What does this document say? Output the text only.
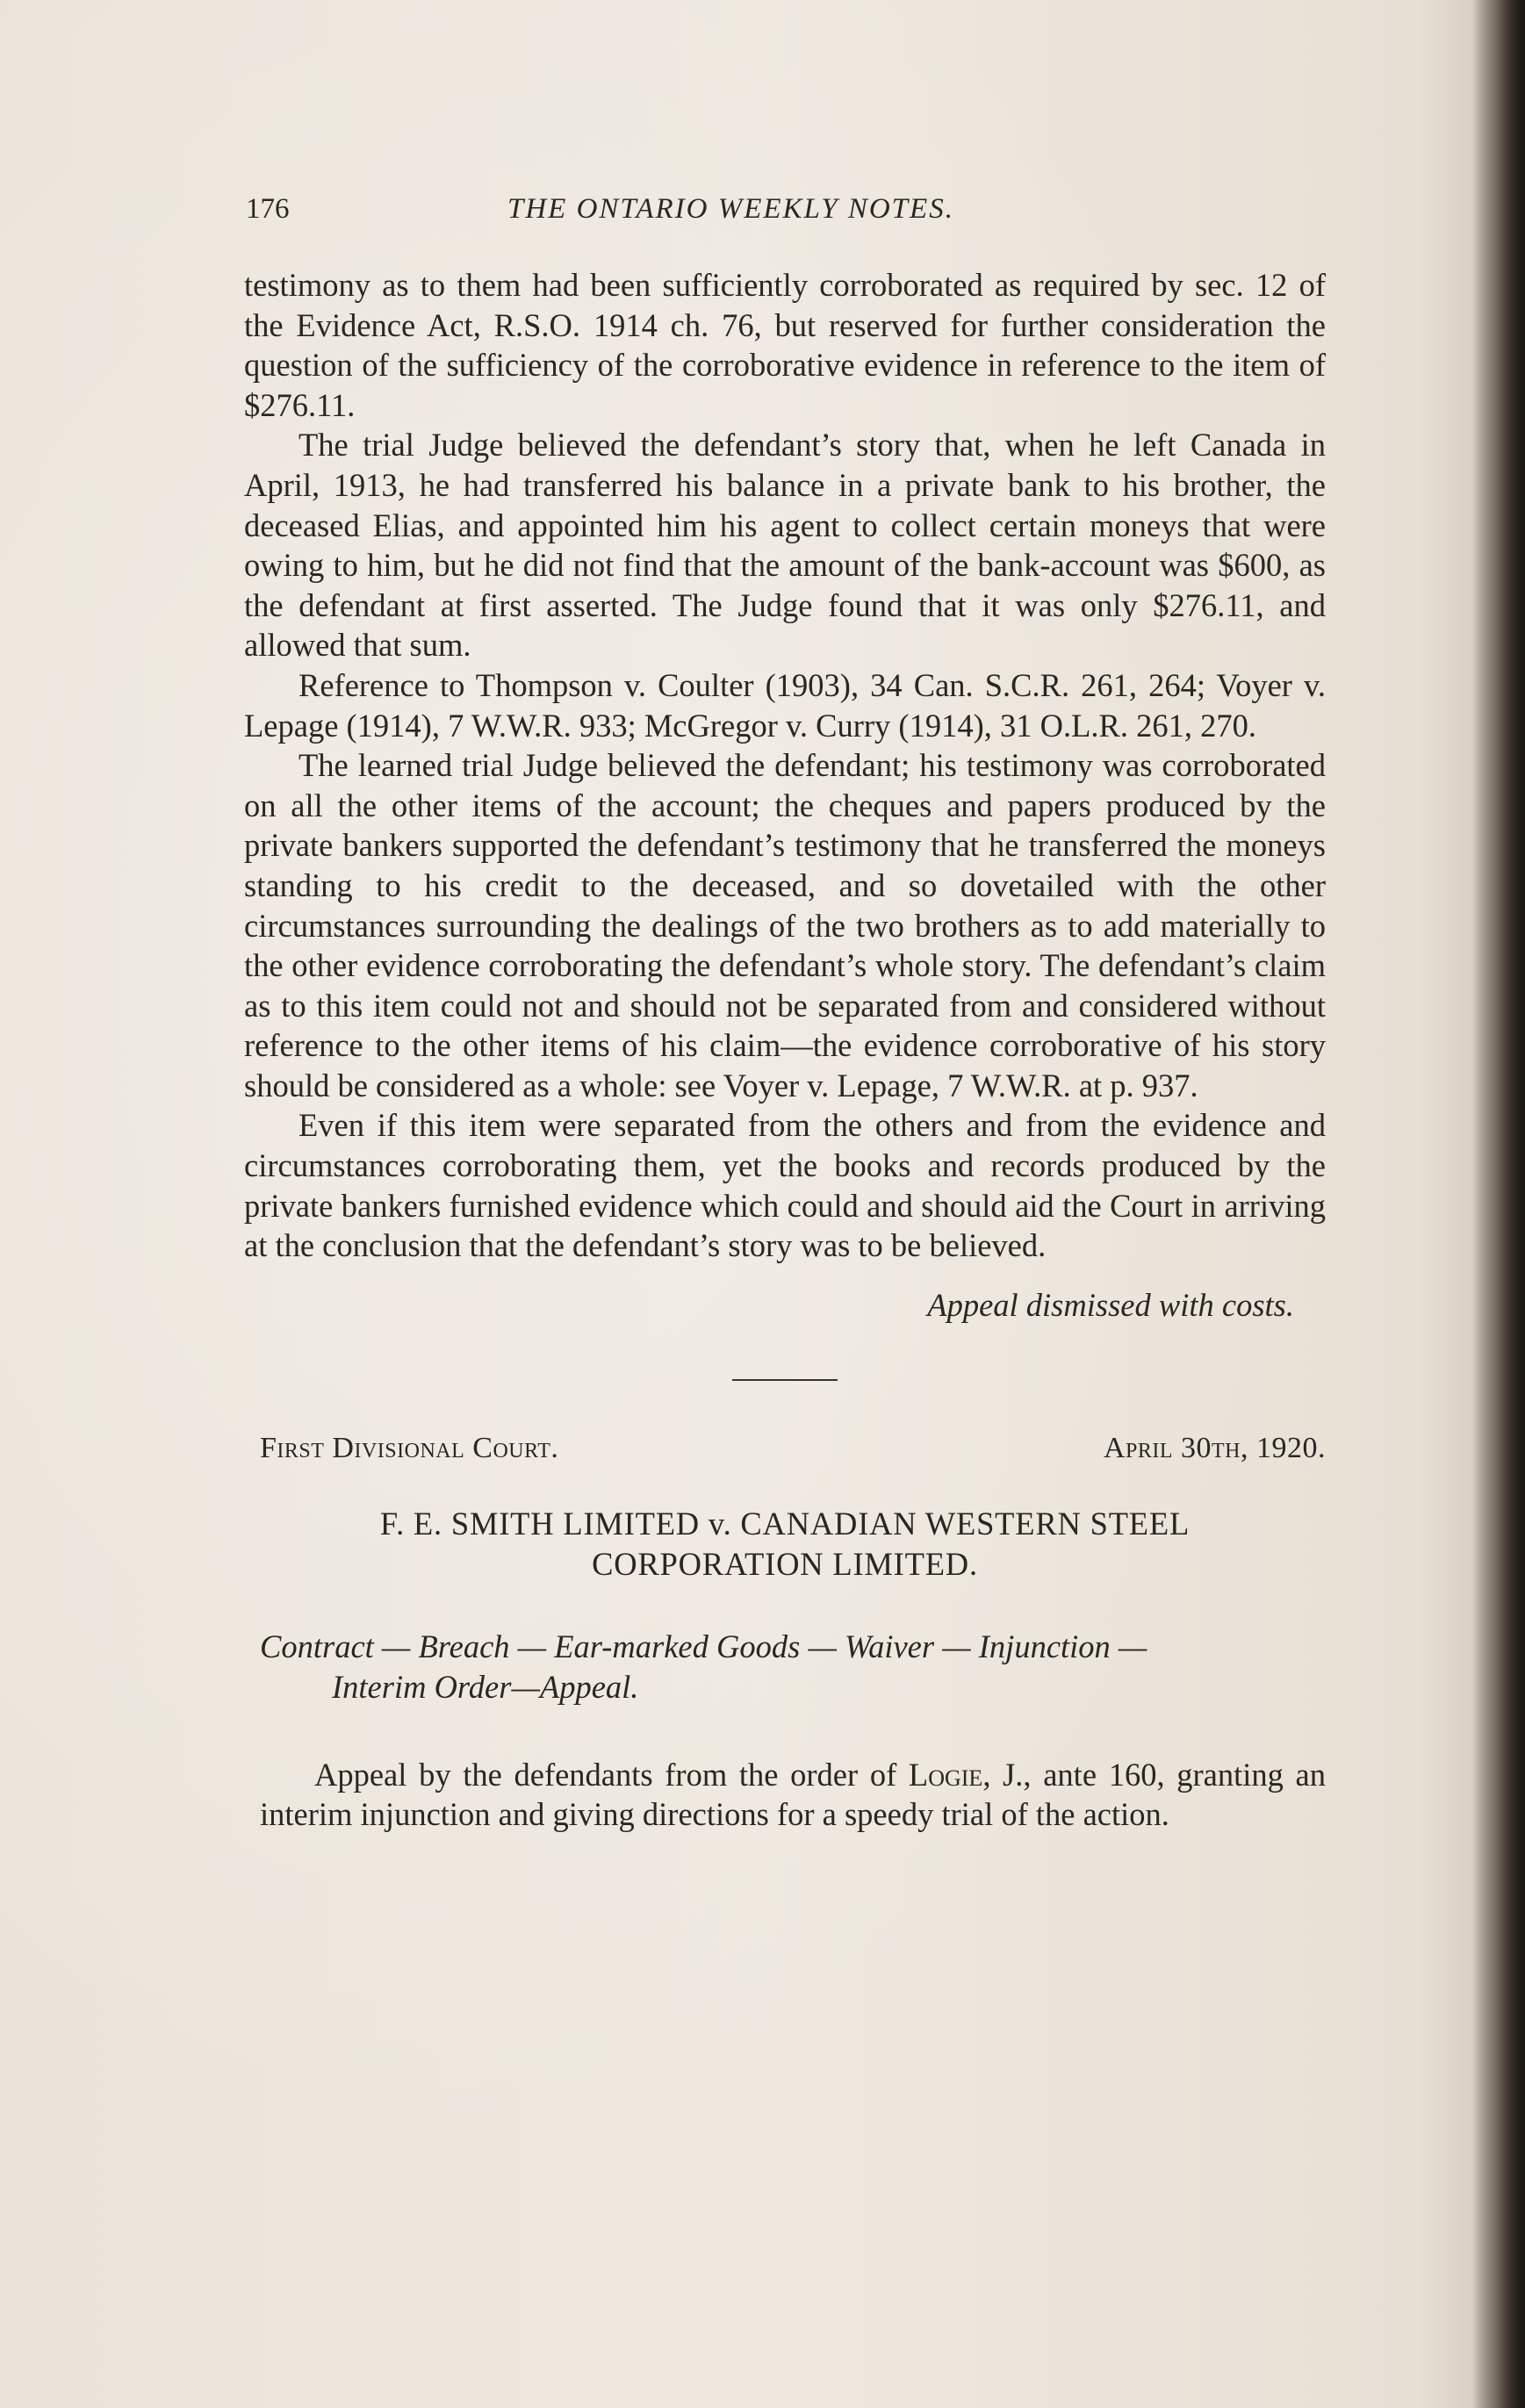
176	THE ONTARIO WEEKLY NOTES.

testimony as to them had been sufficiently corroborated as required by sec. 12 of the Evidence Act, R.S.O. 1914 ch. 76, but reserved for further consideration the question of the sufficiency of the corroborative evidence in reference to the item of $276.11.

The trial Judge believed the defendant’s story that, when he left Canada in April, 1913, he had transferred his balance in a private bank to his brother, the deceased Elias, and appointed him his agent to collect certain moneys that were owing to him, but he did not find that the amount of the bank-account was $600, as the defendant at first asserted. The Judge found that it was only $276.11, and allowed that sum.

Reference to Thompson v. Coulter (1903), 34 Can. S.C.R. 261, 264; Voyer v. Lepage (1914), 7 W.W.R. 933; McGregor v. Curry (1914), 31 O.L.R. 261, 270.

The learned trial Judge believed the defendant; his testimony was corroborated on all the other items of the account; the cheques and papers produced by the private bankers supported the defendant’s testimony that he transferred the moneys standing to his credit to the deceased, and so dovetailed with the other circumstances surrounding the dealings of the two brothers as to add materially to the other evidence corroborating the defendant’s whole story. The defendant’s claim as to this item could not and should not be separated from and considered without reference to the other items of his claim—the evidence corroborative of his story should be considered as a whole: see Voyer v. Lepage, 7 W.W.R. at p. 937.

Even if this item were separated from the others and from the evidence and circumstances corroborating them, yet the books and records produced by the private bankers furnished evidence which could and should aid the Court in arriving at the conclusion that the defendant’s story was to be believed.

Appeal dismissed with costs.
First Divisional Court.	April 30th, 1920.
F. E. SMITH LIMITED v. CANADIAN WESTERN STEEL
CORPORATION LIMITED.
Contract — Breach — Ear-marked Goods — Waiver — Injunction —
Interim Order—Appeal.

Appeal by the defendants from the order of Logie, J., ante 160, granting an interim injunction and giving directions for a speedy trial of the action.
